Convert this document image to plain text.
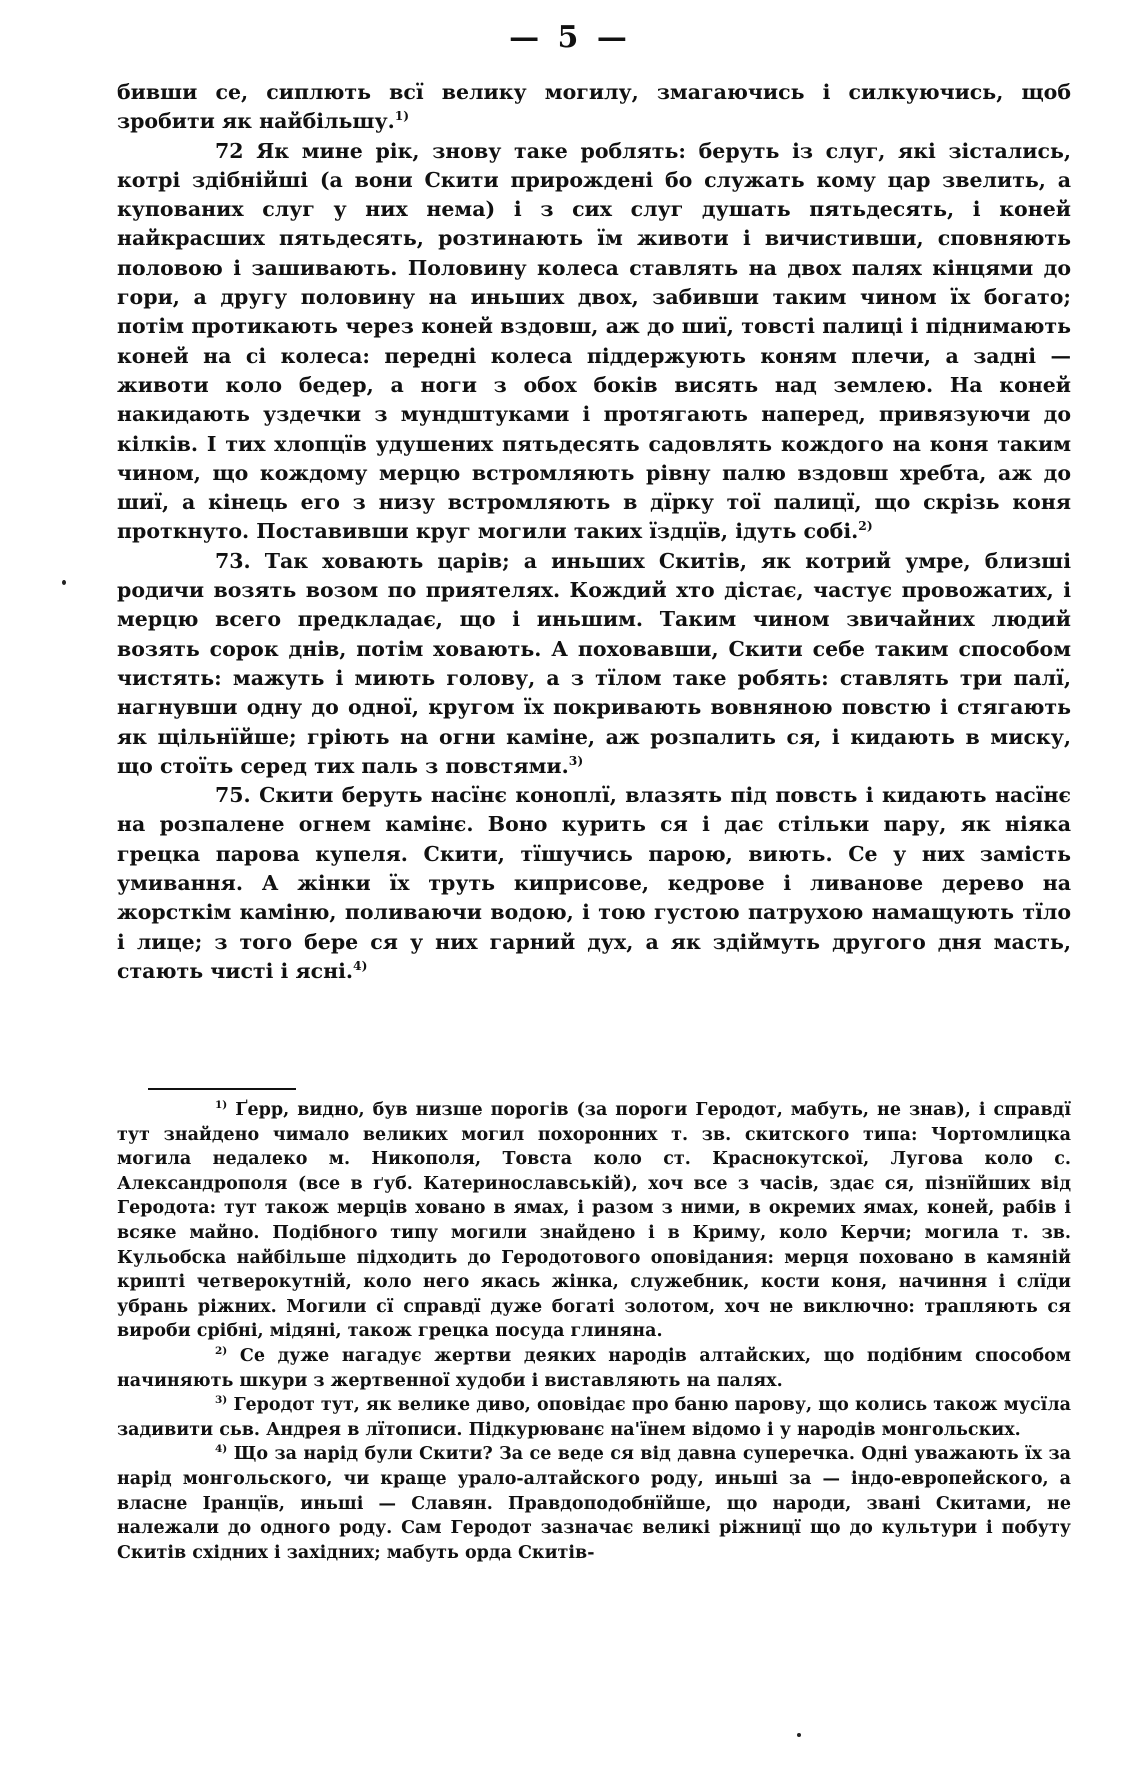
— 5 —

бивши се, сиплють всї велику могилу, змагаючись і силкуючись, щоб зробити як найбільшу.$^{1)}$

72 Як мине рік, знову таке роблять: беруть із слуг, які зістались, котрі здібнійші (а вони Скити прирождені бо служать кому цар звелить, а купованих слуг у них нема) і з сих слуг душать пятьдесять, і коней найкрасших пятьдесять, розтинають їм животи і вичистивши, сповняють половою і зашивають. Половину колеса ставлять на двох палях кінцями до гори, а другу половину на иньших двох, забивши таким чином їх богато; потім протикають через коней вздовш, аж до шиї, товсті палиці і піднимають коней на сі колеса: передні колеса піддержують коням плечи, а задні — животи коло бедер, а ноги з обох боків висять над землею. На коней накидають уздечки з мундштуками і протягають наперед, привязуючи до кілків. І тих хлопцїв удушених пятьдесять садовлять кождого на коня таким чином, що кождому мерцю встромляють рівну палю вздовш хребта, аж до шиї, а кінець его з низу встромляють в дїрку тої палицї, що скрізь коня проткнуто. Поставивши круг могили таких їздцїв, ідуть собі.$^{2)}$

73. Так ховають царів; а иньших Скитів, як котрий умре, близші родичи возять возом по приятелях. Кождий хто дістає, частує провожатих, і мерцю всего предкладає, що і иньшим. Таким чином звичайних людий возять сорок днів, потім ховають. А поховавши, Скити себе таким способом чистять: мажуть і миють голову, а з тїлом таке робять: ставлять три палї, нагнувши одну до одної, кругом їх покривають вовняною повстю і стягають як щільнїйше; гріють на огни каміне, аж розпалить ся, і кидають в миску, що стоїть серед тих паль з повстями.$^{3)}$

75. Скити беруть насїнє коноплї, влазять під повсть і кидають насїнє на розпалене огнем камінє. Воно курить ся і дає стільки пару, як ніяка грецка парова купеля. Скити, тїшучись парою, виють. Се у них замість умивання. А жінки їх труть киприсове, кедрове і ливанове дерево на жорсткім каміню, поливаючи водою, і тою густою патрухою намащують тїло і лице; з того бере ся у них гарний дух, а як здіймуть другого дня масть, стають чисті і ясні.$^{4)}$

$^{1)}$ Ґерр, видно, був низше порогів (за пороги Геродот, мабуть, не знав), і справдї тут знайдено чимало великих могил похоронних т. зв. скитского типа: Чортомлицка могила недалеко м. Никополя, Товста коло ст. Краснокутскої, Лугова коло с. Александрополя (все в ґуб. Катеринославській), хоч все з часів, здає ся, пізнїйших від Геродота: тут також мерців ховано в ямах, і разом з ними, в окремих ямах, коней, рабів і всяке майно. Подібного типу могили знайдено і в Криму, коло Керчи; могила т. зв. Кульобска найбільше підходить до Геродотового оповідания: мерця поховано в камяній крипті четверокутній, коло него якась жінка, служебник, кости коня, начиння і слїди убрань ріжних. Могили сї справдї дуже богаті золотом, хоч не виключно: трапляють ся вироби срібні, мідяні, також грецка посуда глиняна.

$^{2)}$ Се дуже нагадує жертви деяких народів алтайских, що подібним способом начиняють шкури з жертвенної худоби і виставляють на палях.

$^{3)}$ Геродот тут, як велике диво, оповідає про баню парову, що колись також мусїла задивити сьв. Андрея в лїтописи. Підкурюванє на'їнем відомо і у народів монгольских.

$^{4)}$ Що за нарід були Скити? За се веде ся від давна суперечка. Одні уважають їх за нарід монгольского, чи краще урало-алтайского роду, иньші за — індо-европейского, а власне Іранцїв, иньші — Славян. Правдоподобнїйше, що народи, звані Скитами, не належали до одного роду. Сам Геродот зазначає великі ріжницї що до культури і побуту Скитів східних і західних; мабуть орда Скитів-
